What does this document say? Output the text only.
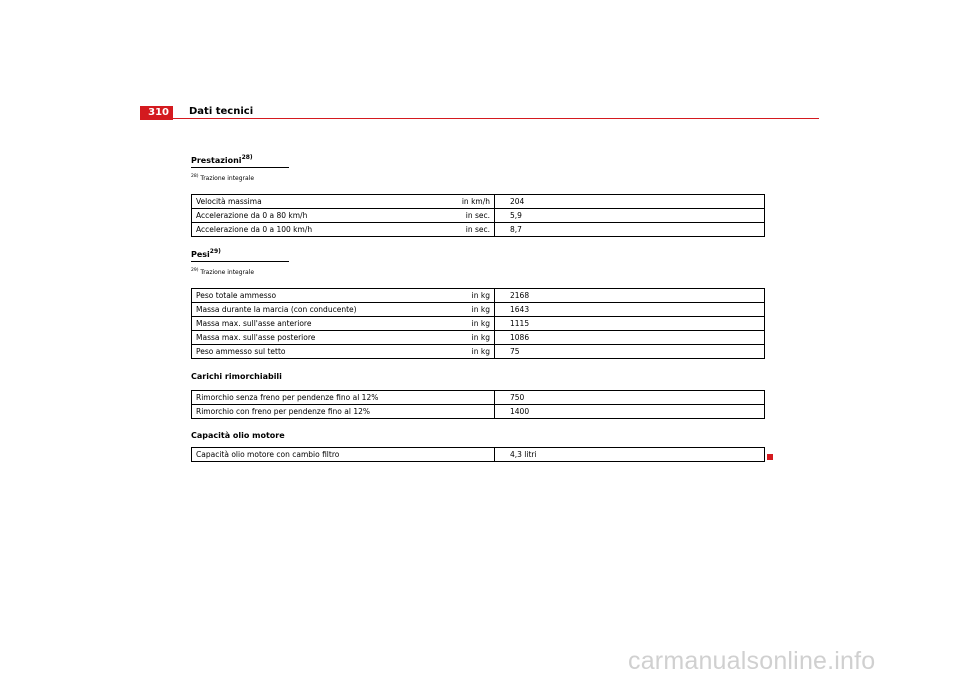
310	Dati tecnici
Prestazioni$^{28)}$
$^{28)}$ Trazione integrale
Velocità massima	in km/h	204
Accelerazione da 0 a 80 km/h	in sec.	5,9
Accelerazione da 0 a 100 km/h	in sec.	8,7
Pesi$^{29)}$
$^{29)}$ Trazione integrale
Peso totale ammesso	in kg	2168
Massa durante la marcia (con conducente)	in kg	1643
Massa max. sull'asse anteriore	in kg	1115
Massa max. sull'asse posteriore	in kg	1086
Peso ammesso sul tetto	in kg	75
Carichi rimorchiabili
Rimorchio senza freno per pendenze fino al 12%	750
Rimorchio con freno per pendenze fino al 12%	1400
Capacità olio motore
Capacità olio motore con cambio filtro	4,3 litri
carmanualsonline.info
